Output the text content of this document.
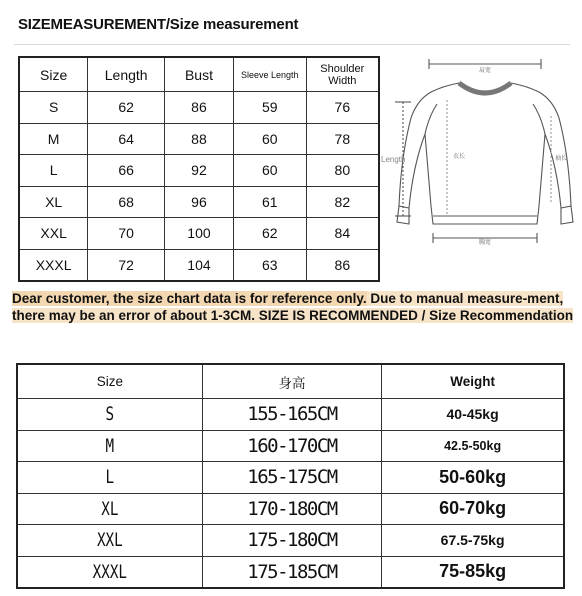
SIZEMEASUREMENT/Size measurement
Size	Length	Bust	Sleeve Length	Shoulder Width
S	62	86	59	76
M	64	88	60	78
L	66	92	60	80
XL	68	96	61	82
XXL	70	100	62	84
XXXL	72	104	63	86
肩宽
衣长	袖长
胸宽
Length
Dear customer, the size chart data is for reference only. Due to manual measure-ment, there may be an error of about 1-3CM. SIZE IS RECOMMENDED / Size Recommendation
Size	身高	Weight
S	155-165CM	40-45kg
M	160-170CM	42.5-50kg
L	165-175CM	50-60kg
XL	170-180CM	60-70kg
XXL	175-180CM	67.5-75kg
XXXL	175-185CM	75-85kg
